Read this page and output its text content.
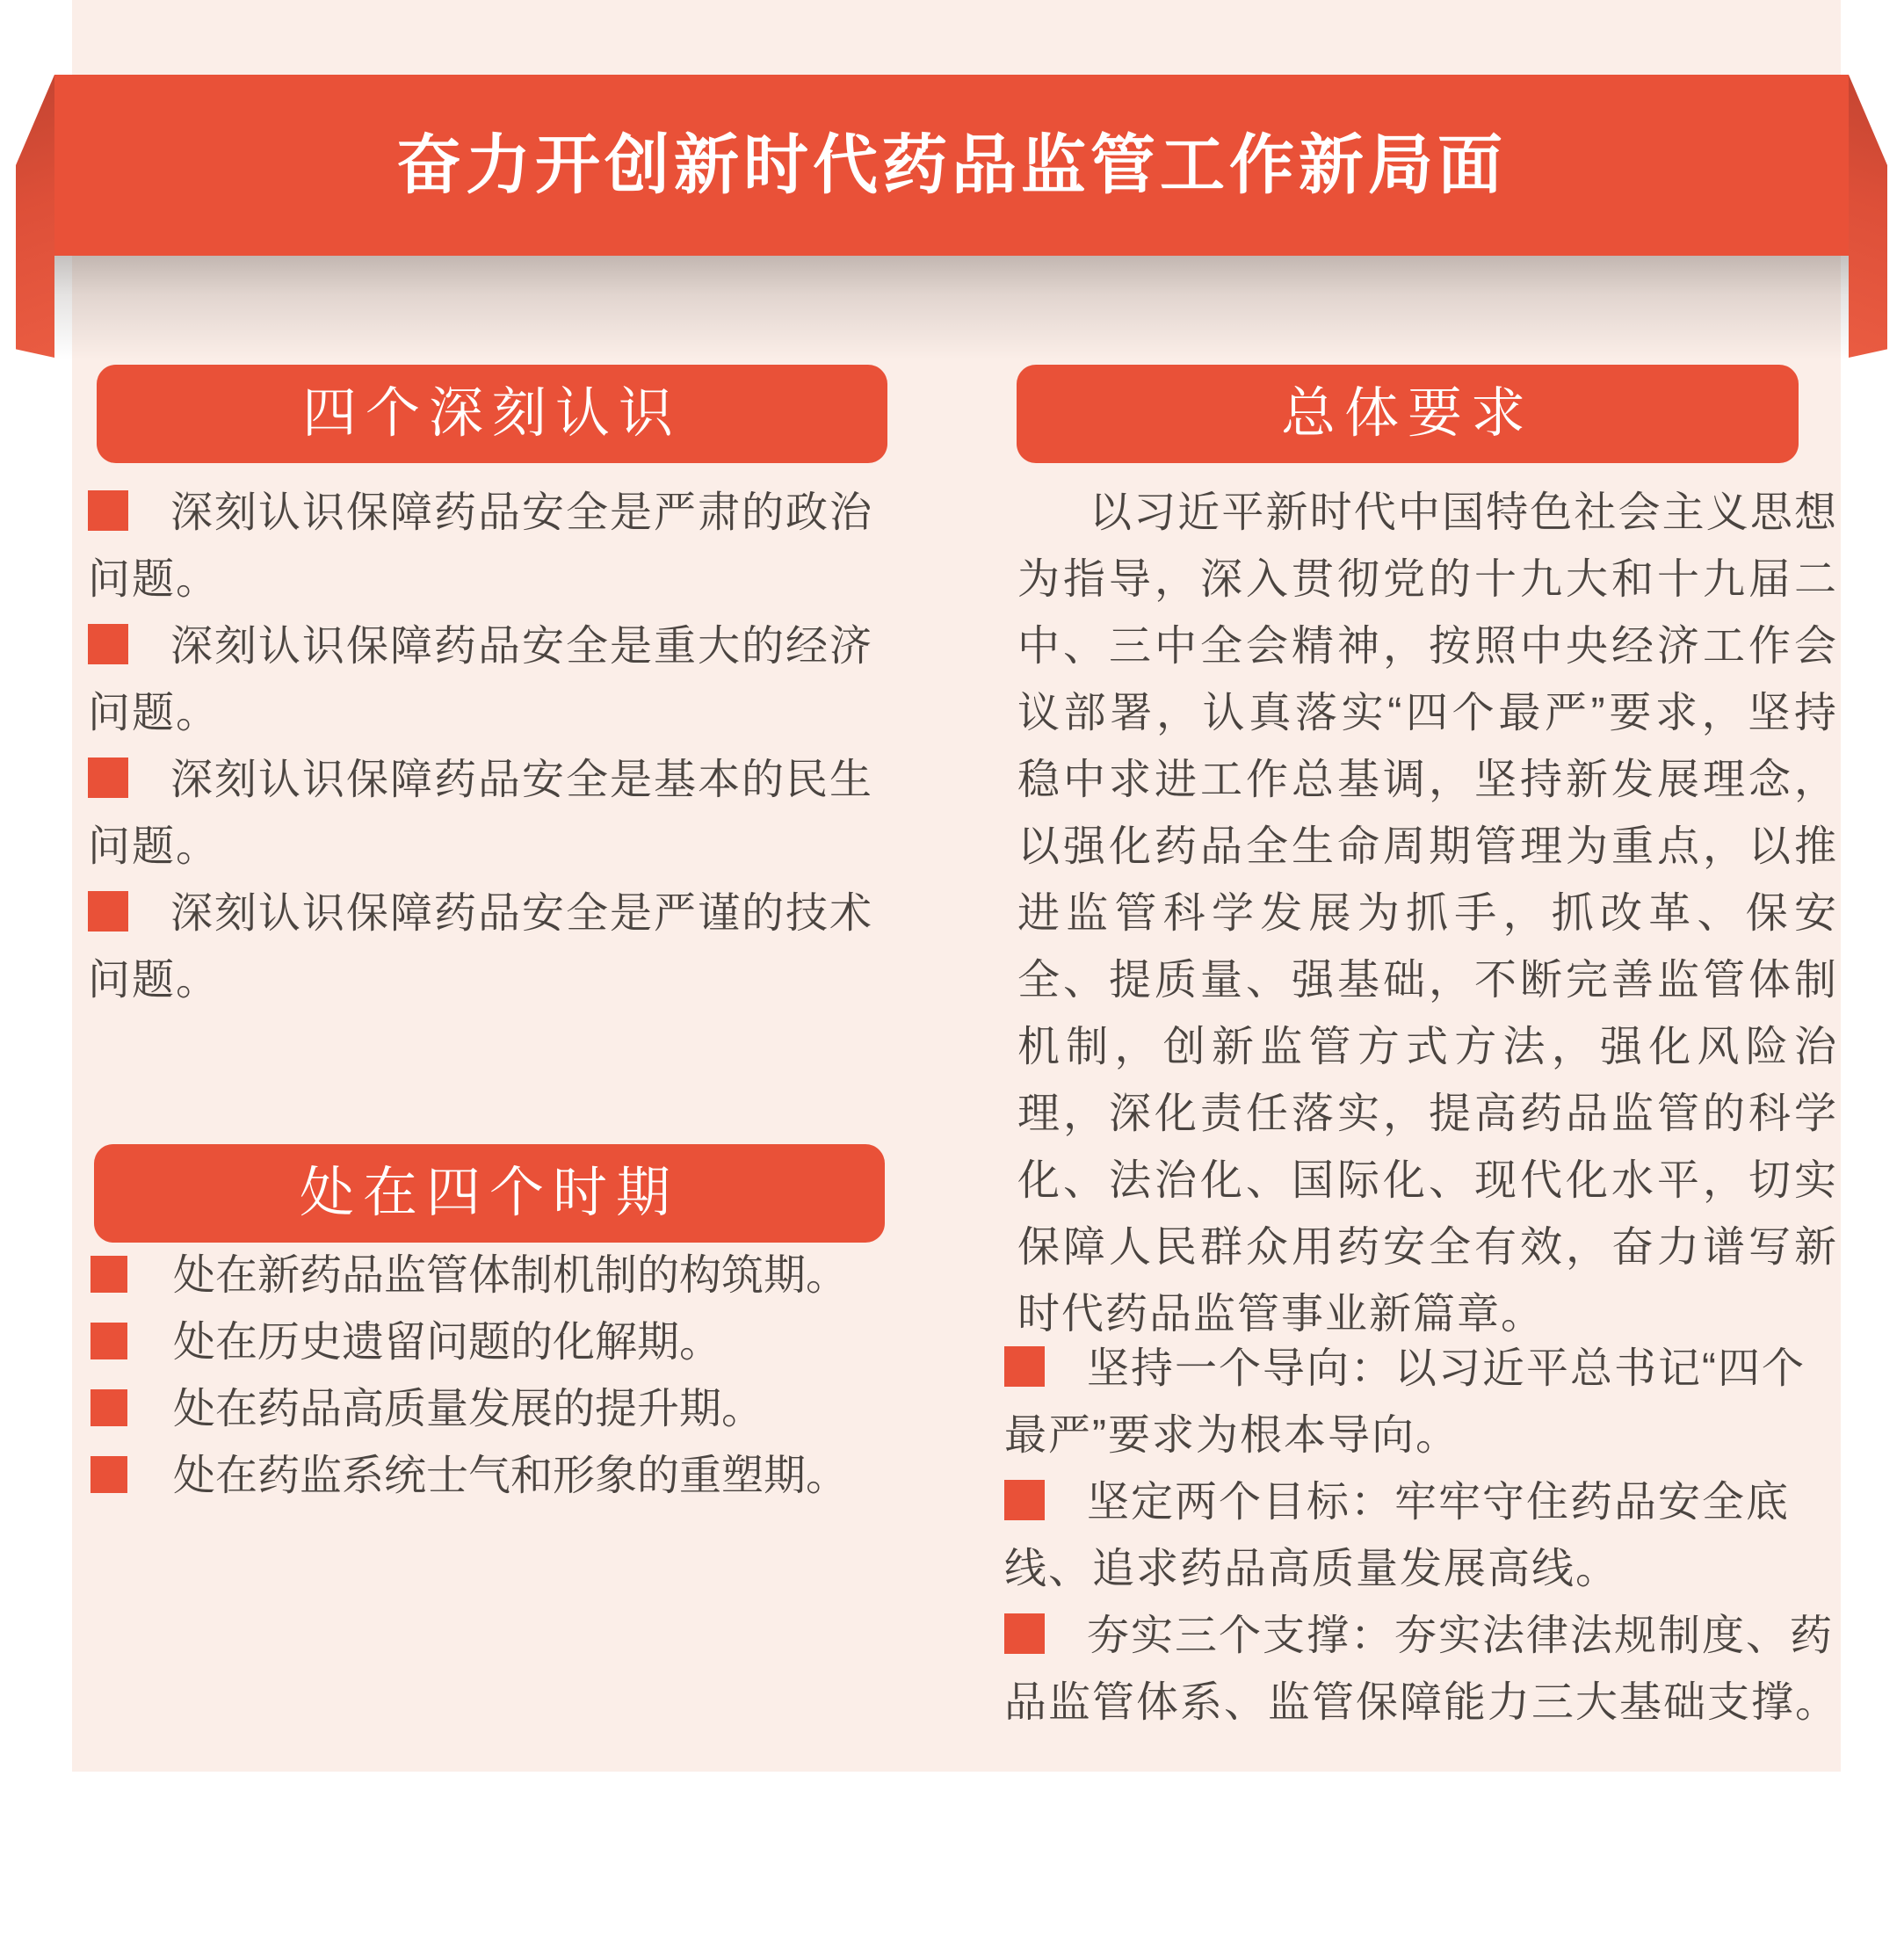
奋力开创新时代药品监管工作新局面
四个深刻认识

深刻认识保障药品安全是严肃的政治问题。

深刻认识保障药品安全是重大的经济问题。

深刻认识保障药品安全是基本的民生问题。

深刻认识保障药品安全是严谨的技术问题。

处在四个时期

处在新药品监管体制机制的构筑期。

处在历史遗留问题的化解期。

处在药品高质量发展的提升期。

处在药监系统士气和形象的重塑期。

总体要求
以习近平新时代中国特色社会主义思想为指导，深入贯彻党的十九大和十九届二中、三中全会精神，按照中央经济工作会议部署，认真落实“四个最严”要求，坚持稳中求进工作总基调，坚持新发展理念，以强化药品全生命周期管理为重点，以推进监管科学发展为抓手，抓改革、保安全、提质量、强基础，不断完善监管体制机制，创新监管方式方法，强化风险治理，深化责任落实，提高药品监管的科学化、法治化、国际化、现代化水平，切实保障人民群众用药安全有效，奋力谱写新时代药品监管事业新篇章。

坚持一个导向：以习近平总书记“四个最严”要求为根本导向。

坚定两个目标：牢牢守住药品安全底线、追求药品高质量发展高线。

夯实三个支撑：夯实法律法规制度、药品监管体系、监管保障能力三大基础支撑。
